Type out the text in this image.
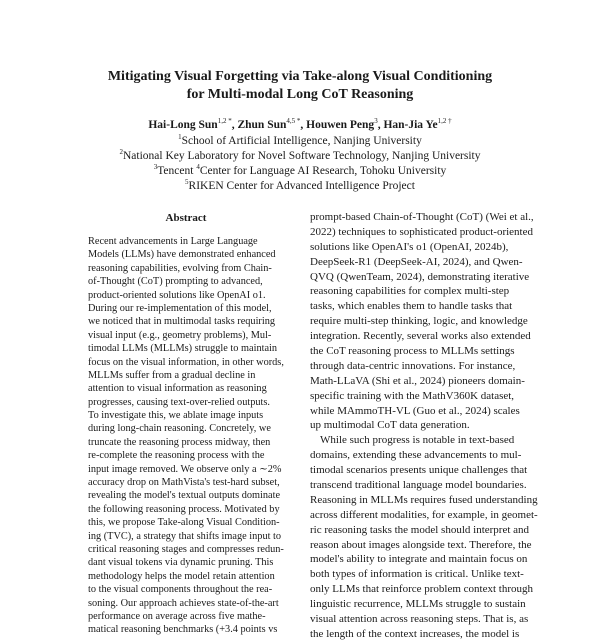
Mitigating Visual Forgetting via Take-along Visual Conditioning
for Multi-modal Long CoT Reasoning
Hai-Long Sun$^{1,2 *}$, Zhun Sun$^{4,5 *}$, Houwen Peng$^3$, Han-Jia $Ye^{1,2 \dagger}$
$^1$School of Artificial Intelligence, Nanjing University
$^2$National Key Laboratory for Novel Software Technology, Nanjing University
$^3$Tencent $^4$Center for Language AI Research, Tohoku University
$^5$RIKEN Center for Advanced Intelligence Project
Abstract
Recent advancements in Large Language
Models (LLMs) have demonstrated enhanced
reasoning capabilities, evolving from Chain-
of-Thought (CoT) prompting to advanced,
product-oriented solutions like OpenAI o1.
During our re-implementation of this model,
we noticed that in multimodal tasks requiring
visual input (e.g., geometry problems), Mul-
timodal LLMs (MLLMs) struggle to maintain
focus on the visual information, in other words,
MLLMs suffer from a gradual decline in
attention to visual information as reasoning
progresses, causing text-over-relied outputs.
To investigate this, we ablate image inputs
during long-chain reasoning. Concretely, we
truncate the reasoning process midway, then
re-complete the reasoning process with the
input image removed. We observe only a ∼2%
accuracy drop on MathVista's test-hard subset,
revealing the model's textual outputs dominate
the following reasoning process. Motivated by
this, we propose Take-along Visual Condition-
ing (TVC), a strategy that shifts image input to
critical reasoning stages and compresses redun-
dant visual tokens via dynamic pruning. This
methodology helps the model retain attention
to the visual components throughout the rea-
soning. Our approach achieves state-of-the-art
performance on average across five mathe-
matical reasoning benchmarks (+3.4 points vs
prompt-based Chain-of-Thought (CoT) (Wei et al.,
2022) techniques to sophisticated product-oriented
solutions like OpenAI's o1 (OpenAI, 2024b),
DeepSeek-R1 (DeepSeek-AI, 2024), and Qwen-
QVQ (QwenTeam, 2024), demonstrating iterative
reasoning capabilities for complex multi-step
tasks, which enables them to handle tasks that
require multi-step thinking, logic, and knowledge
integration. Recently, several works also extended
the CoT reasoning process to MLLMs settings
through data-centric innovations. For instance,
Math-LLaVA (Shi et al., 2024) pioneers domain-
specific training with the MathV360K dataset,
while MAmmoTH-VL (Guo et al., 2024) scales
up multimodal CoT data generation.
While such progress is notable in text-based
domains, extending these advancements to mul-
timodal scenarios presents unique challenges that
transcend traditional language model boundaries.
Reasoning in MLLMs requires fused understanding
across different modalities, for example, in geomet-
ric reasoning tasks the model should interpret and
reason about images alongside text. Therefore, the
model's ability to integrate and maintain focus on
both types of information is critical. Unlike text-
only LLMs that reinforce problem context through
linguistic recurrence, MLLMs struggle to sustain
visual attention across reasoning steps. That is, as
the length of the context increases, the model is
